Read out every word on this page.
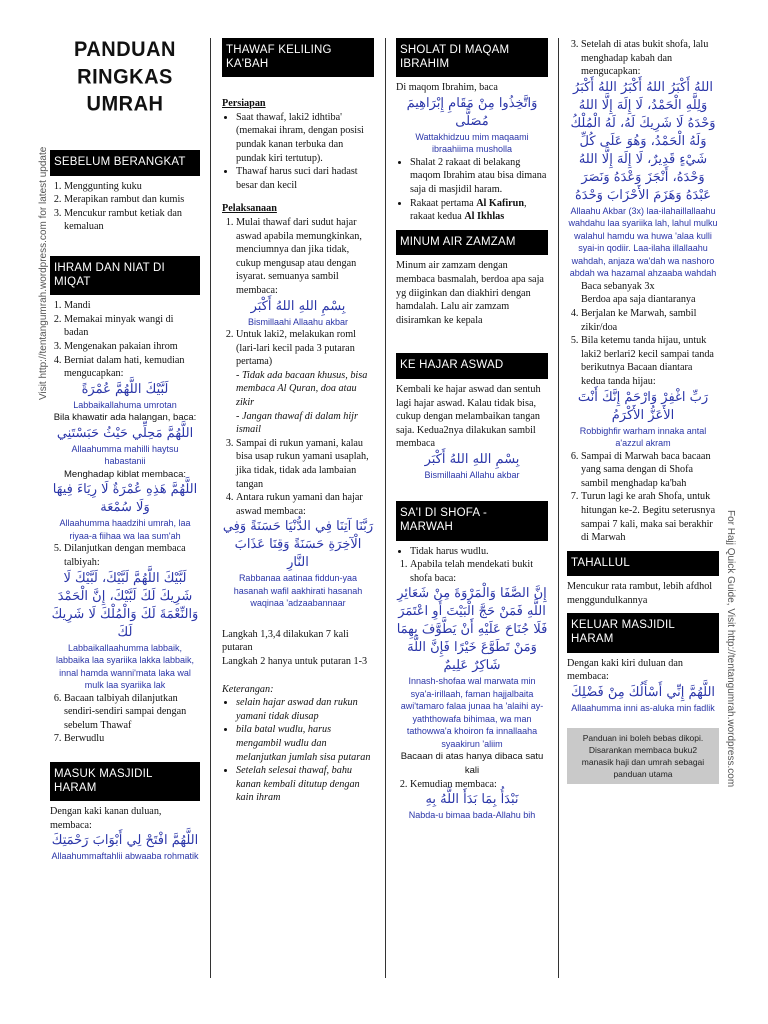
Visit http://tentangumrah.wordpress.com for latest update
For Hajj Quick Guide, Visit http://tentangumrah.wordpress.com
PANDUAN RINGKAS
UMRAH
SEBELUM BERANGKAT
1. Menggunting kuku
2. Merapikan rambut dan kumis
3. Mencukur rambut ketiak dan kemaluan
IHRAM DAN NIAT DI MIQAT
1. Mandi
2. Memakai minyak wangi di badan
3. Mengenakan pakaian ihrom
4. Berniat dalam hati, kemudian mengucapkan:
لَبَّيْكَ اللَّهُمَّ عُمْرَةً
Labbaikallahuma umrotan

Bila khawatir ada halangan, baca:

اللَّهُمَّ مَحِلِّي حَيْثُ حَبَسْتَنِي
Allaahumma mahilli haytsu habastanii

Menghadap kiblat membaca:

اللَّهُمَّ هَذِهِ عُمْرَةٌ لَا رِيَاءَ فِيهَا وَلَا سُمْعَة
Allaahumma haadzihi umrah, laa riyaa-a fiihaa wa laa sum'ah
5. Dilanjutkan dengan membaca talbiyah:
لَبَّيْكَ اللَّهُمَّ لَبَّيْكَ، لَبَّيْكَ لَا شَرِيكَ لَكَ لَبَّيْكَ، إِنَّ الْحَمْدَ وَالنِّعْمَةَ لَكَ وَالْمُلْكَ لَا شَرِيكَ لَكَ
Labbaikallaahumma labbaik, labbaika laa syariika lakka labbaik, innal hamda wanni'mata laka wal mulk laa syariika lak
6. Bacaan talbiyah dilanjutkan sendiri-sendiri sampai dengan sebelum Thawaf
7. Berwudlu
MASUK MASJIDIL HARAM

Dengan kaki kanan duluan, membaca:

اللَّهُمَّ افْتَحْ لِي أَبْوَابَ رَحْمَتِكَ
Allaahummaftahlii abwaaba rohmatik
THAWAF KELILING KA'BAH

Persiapan

• Saat thawaf, laki2 idhtiba' (memakai ihram, dengan posisi pundak kanan terbuka dan pundak kiri tertutup).
• Thawaf harus suci dari hadast besar dan kecil

Pelaksanaan

1. Mulai thawaf dari sudut hajar aswad apabila memungkinkan, menciumnya dan jika tidak, cukup mengusap atau dengan isyarat. semuanya sambil membaca:
بِسْمِ اللهِ اللهُ أَكْبَر
Bismillaahi Allaahu akbar
2. Untuk laki2, melakukan roml (lari-lari kecil pada 3 putaran pertama)
- Tidak ada bacaan khusus, bisa membaca Al Quran, doa atau zikir
- Jangan thawaf di dalam hijr ismail
3. Sampai di rukun yamani, kalau bisa usap rukun yamani usaplah, jika tidak, tidak ada lambaian tangan
4. Antara rukun yamani dan hajar aswad membaca:
رَبَّنَا آتِنَا فِي الدُّنْيَا حَسَنَةً وَفِي الْآخِرَةِ حَسَنَةً وَقِنَا عَذَابَ النَّارِ
Rabbanaa aatinaa fiddun-yaa hasanah wafil aakhirati hasanah waqinaa 'adzaabannaar

Langkah 1,3,4 dilakukan 7 kali putaran

Langkah 2 hanya untuk putaran 1-3

Keterangan:

• selain hajar aswad dan rukun yamani tidak diusap
• bila batal wudlu, harus mengambil wudlu dan melanjutkan jumlah sisa putaran
• Setelah selesai thawaf, bahu kanan kembali ditutup dengan kain ihram
SHOLAT DI MAQAM IBRAHIM

Di maqom Ibrahim, baca

وَاتَّخِذُوا مِنْ مَقَامِ إِبْرَاهِيمَ مُصَلًّى
Wattakhidzuu mim maqaami ibraahiima musholla
• Shalat 2 rakaat di belakang maqom Ibrahim atau bisa dimana saja di masjidil haram.
• Rakaat pertama Al Kafirun, rakaat kedua Al Ikhlas
MINUM AIR ZAMZAM

Minum air zamzam dengan membaca basmalah, berdoa apa saja yg diiginkan dan diakhiri dengan hamdalah. Lalu air zamzam disiramkan ke kepala

KE HAJAR ASWAD

Kembali ke hajar aswad dan sentuh lagi hajar aswad. Kalau tidak bisa, cukup dengan melambaikan tangan saja. Kedua2nya dilakukan sambil membaca

بِسْمِ اللهِ اللهُ أَكْبَر
Bismillaahi Allahu akbar
SA'I DI SHOFA - MARWAH
• Tidak harus wudlu.
1. Apabila telah mendekati bukit shofa baca:
إِنَّ الصَّفَا وَالْمَرْوَةَ مِنْ شَعَائِرِ اللَّهِ فَمَنْ حَجَّ الْبَيْتَ أَوِ اعْتَمَرَ فَلَا جُنَاحَ عَلَيْهِ أَنْ يَطَّوَّفَ بِهِمَا وَمَنْ تَطَوَّعَ خَيْرًا فَإِنَّ اللَّهَ شَاكِرٌ عَلِيمٌ
Innash-shofaa wal marwata min sya'a-irillaah, faman hajjalbaita awi'tamaro falaa junaa ha 'alaihi ay-yaththowafa bihimaa, wa man tathowwa'a khoiron fa innallaaha syaakirun 'aliim

Bacaan di atas hanya dibaca satu kali

2. Kemudian membaca:
نَبْدَأُ بِمَا بَدَأَ اللَّهُ بِهِ
Nabda-u bimaa bada-Allahu bih
3. Setelah di atas bukit shofa, lalu menghadap kabah dan mengucapkan:
اللهُ أَكْبَرُ اللهُ أَكْبَرُ اللهُ أَكْبَرُ وَلِلَّهِ الْحَمْدُ، لَا إِلَهَ إِلَّا اللهُ وَحْدَهُ لَا شَرِيكَ لَهُ، لَهُ الْمُلْكُ وَلَهُ الْحَمْدُ، وَهُوَ عَلَى كُلِّ شَيْءٍ قَدِيرٌ، لَا إِلَهَ إِلَّا اللهُ وَحْدَهُ، أَنْجَزَ وَعْدَهُ وَنَصَرَ عَبْدَهُ وَهَزَمَ الأَحْزَابَ وَحْدَهُ
Allaahu Akbar (3x) laa-ilahaillallaahu wahdahu laa syariika lah, lahul mulku walahul hamdu wa huwa 'alaa kulli syai-in qodiir. Laa-ilaha illallaahu wahdah, anjaza wa'dah wa nashoro abdah wa hazamal ahzaaba wahdah

Baca sebanyak 3x

Berdoa apa saja diantaranya

4. Berjalan ke Marwah, sambil zikir/doa
5. Bila ketemu tanda hijau, untuk laki2 berlari2 kecil sampai tanda berikutnya Bacaan diantara kedua tanda hijau:
رَبِّ اغْفِرْ وَارْحَمْ إِنَّكَ أَنْتَ الأَعَزُّ الأَكْرَمُ
Robbighfir warham innaka antal a'azzul akram
6. Sampai di Marwah baca bacaan yang sama dengan di Shofa sambil menghadap ka'bah
7. Turun lagi ke arah Shofa, untuk hitungan ke-2. Begitu seterusnya sampai 7 kali, maka sai berakhir di Marwah
TAHALLUL

Mencukur rata rambut, lebih afdhol menggundulkannya

KELUAR MASJIDIL HARAM

Dengan kaki kiri duluan dan membaca:

اللَّهُمَّ إِنِّي أَسْأَلُكَ مِنْ فَضْلِكَ
Allaahumma inni as-aluka min fadlik
Panduan ini boleh bebas dikopi. Disarankan membaca buku2 manasik haji dan umrah sebagai panduan utama
